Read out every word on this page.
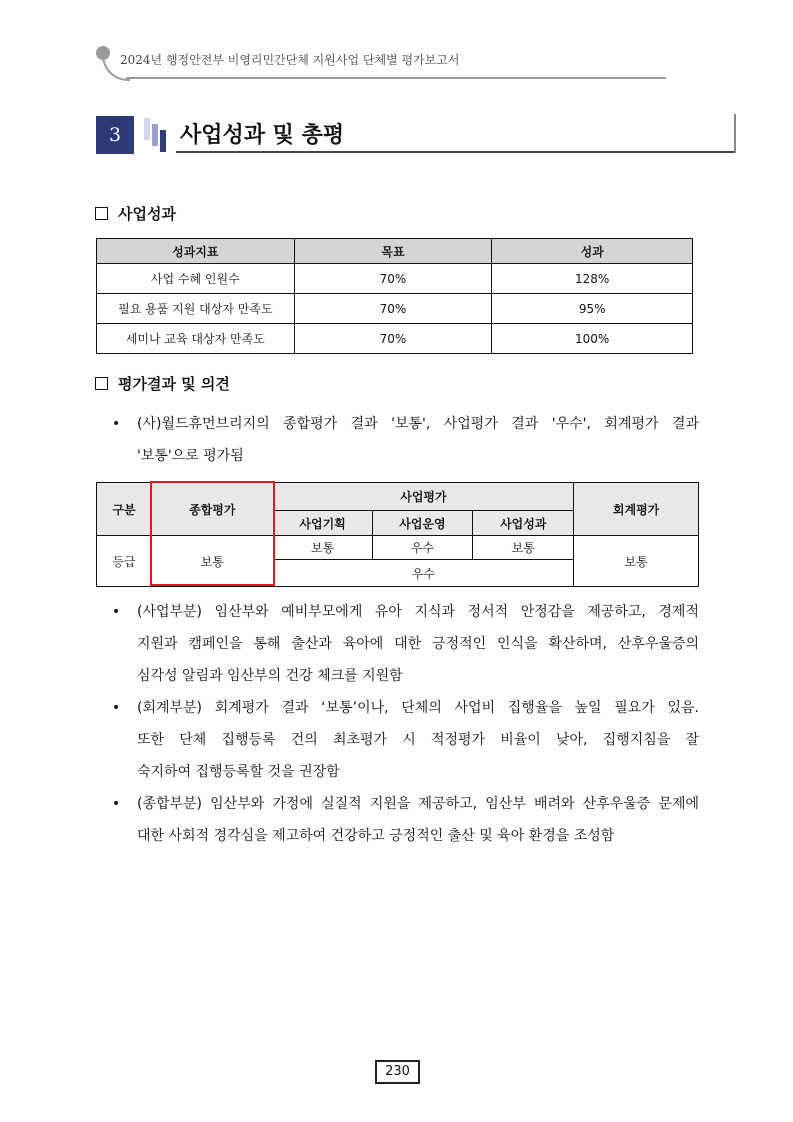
2024년 행정안전부 비영리민간단체 지원사업 단체별 평가보고서
3	사업성과 및 총평
사업성과
성과지표	목표	성과
사업 수혜 인원수	70%	128%
필요 용품 지원 대상자 만족도	70%	95%
세미나 교육 대상자 만족도	70%	100%
평가결과 및 의견
• (사)월드휴먼브리지의 종합평가 결과 '보통', 사업평가 결과 '우수', 회계평가 결과
'보통'으로 평가됨
구분	종합평가	사업평가			회계평가
		사업기획	사업운영	사업성과	
등급	보통	보통	우수	보통	보통
		우수			
• (사업부분) 임산부와 예비부모에게 유아 지식과 정서적 안정감을 제공하고, 경제적
지원과 캠페인을 통해 출산과 육아에 대한 긍정적인 인식을 확산하며, 산후우울증의
심각성 알림과 임산부의 건강 체크를 지원함
• (회계부분) 회계평가 결과 ‘보통’이나, 단체의 사업비 집행율을 높일 필요가 있음.
또한 단체 집행등록 건의 최초평가 시 적정평가 비율이 낮아, 집행지침을 잘
숙지하여 집행등록할 것을 권장함
• (종합부분) 임산부와 가정에 실질적 지원을 제공하고, 임산부 배려와 산후우울증 문제에
대한 사회적 경각심을 제고하여 건강하고 긍정적인 출산 및 육아 환경을 조성함
230
